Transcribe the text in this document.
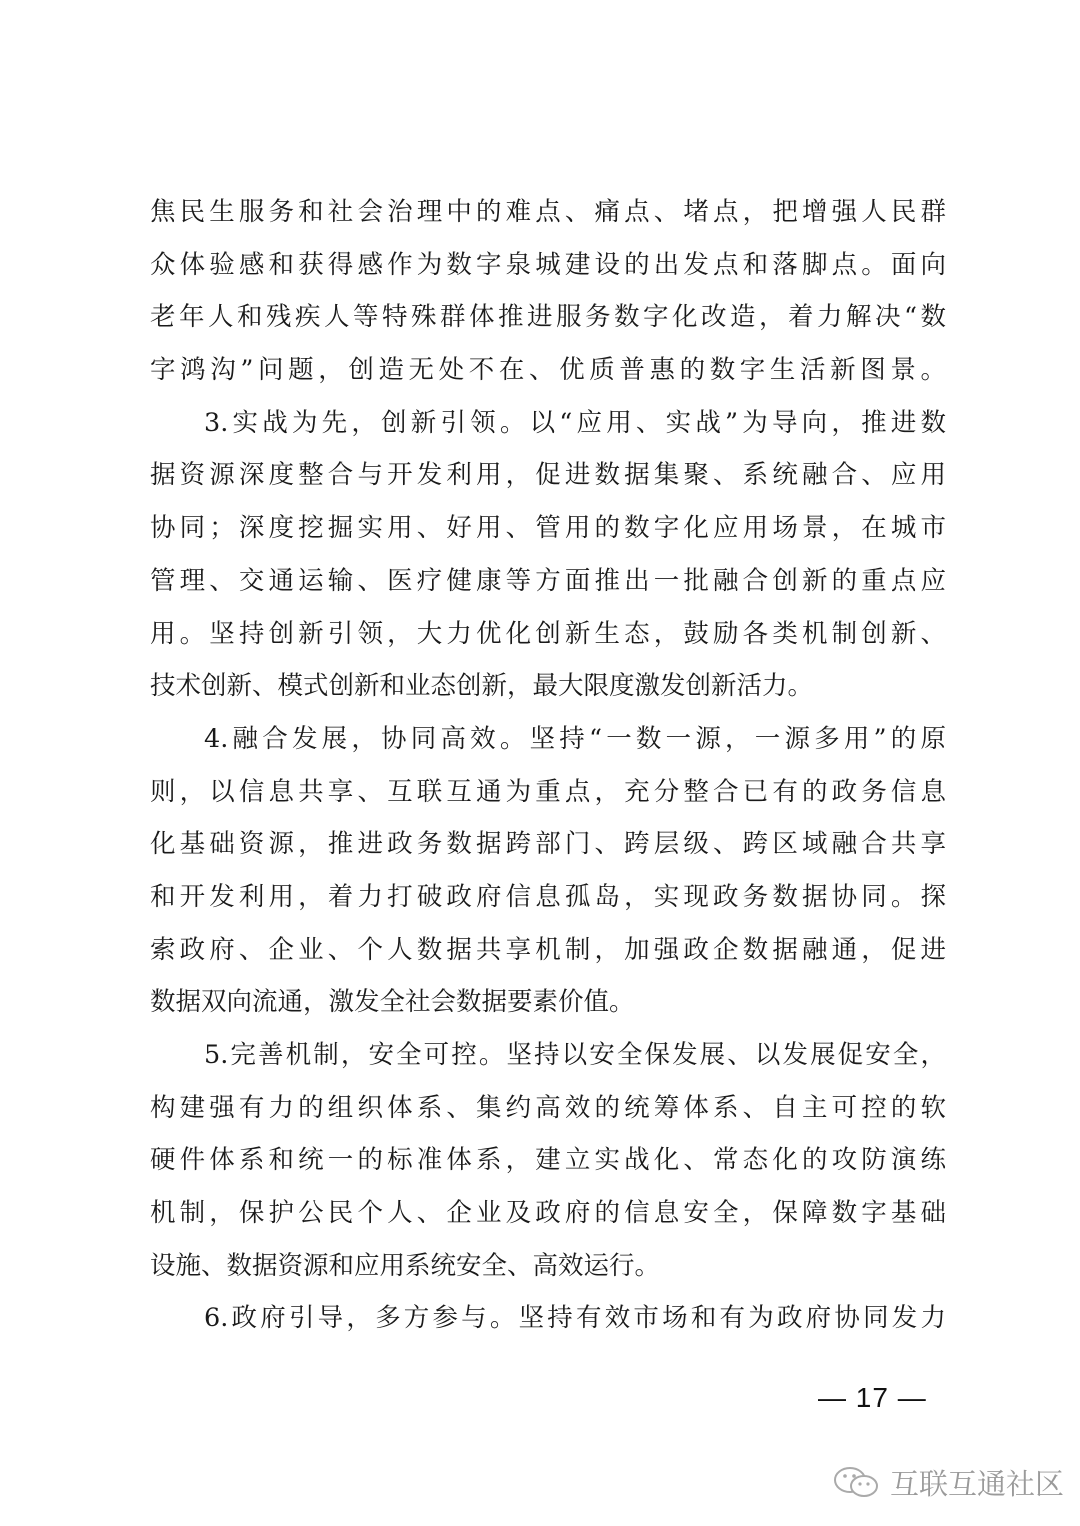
焦民生服务和社会治理中的难点、痛点、堵点，把增强人民群
众体验感和获得感作为数字泉城建设的出发点和落脚点。面向
老年人和残疾人等特殊群体推进服务数字化改造，着力解决“数
字鸿沟”问题，创造无处不在、优质普惠的数字生活新图景。
3.实战为先，创新引领。以“应用、实战”为导向，推进数
据资源深度整合与开发利用，促进数据集聚、系统融合、应用
协同；深度挖掘实用、好用、管用的数字化应用场景，在城市
管理、交通运输、医疗健康等方面推出一批融合创新的重点应
用。坚持创新引领，大力优化创新生态，鼓励各类机制创新、
技术创新、模式创新和业态创新，最大限度激发创新活力。
4.融合发展，协同高效。坚持“一数一源，一源多用”的原
则，以信息共享、互联互通为重点，充分整合已有的政务信息
化基础资源，推进政务数据跨部门、跨层级、跨区域融合共享
和开发利用，着力打破政府信息孤岛，实现政务数据协同。探
索政府、企业、个人数据共享机制，加强政企数据融通，促进
数据双向流通，激发全社会数据要素价值。
5.完善机制，安全可控。坚持以安全保发展、以发展促安全，
构建强有力的组织体系、集约高效的统筹体系、自主可控的软
硬件体系和统一的标准体系，建立实战化、常态化的攻防演练
机制，保护公民个人、企业及政府的信息安全，保障数字基础
设施、数据资源和应用系统安全、高效运行。
6.政府引导，多方参与。坚持有效市场和有为政府协同发力
— 17 —
互联互通社区
